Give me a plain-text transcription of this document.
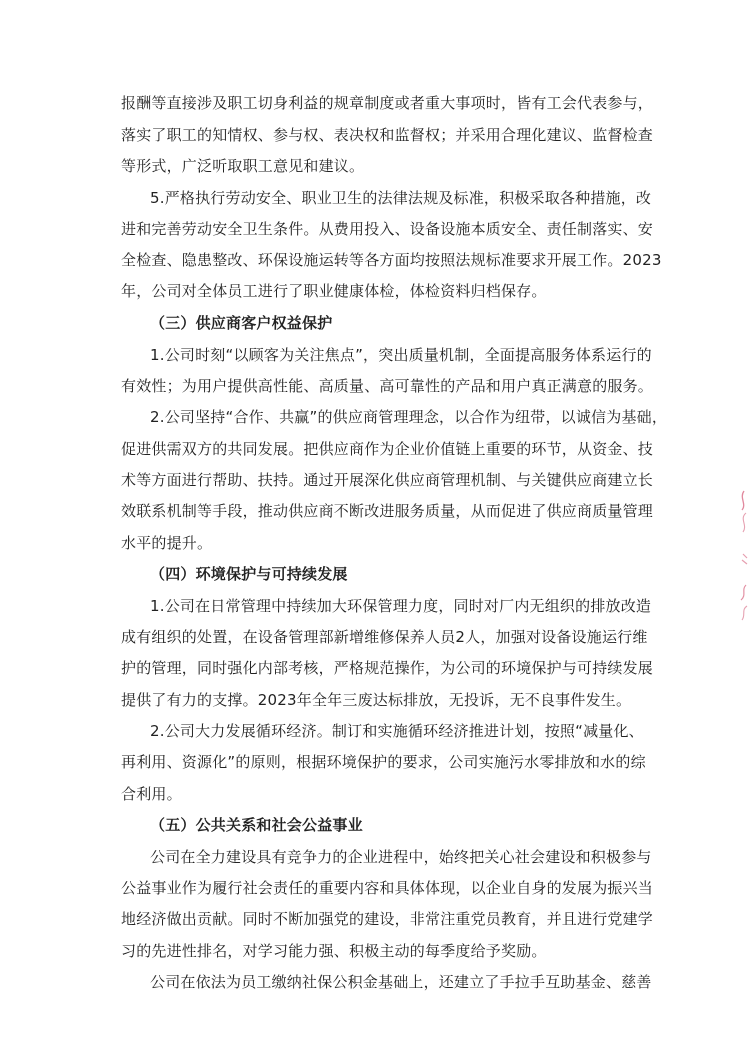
报酬等直接涉及职工切身利益的规章制度或者重大事项时，皆有工会代表参与，
落实了职工的知情权、参与权、表决权和监督权；并采用合理化建议、监督检查
等形式，广泛听取职工意见和建议。
5.严格执行劳动安全、职业卫生的法律法规及标准，积极采取各种措施，改
进和完善劳动安全卫生条件。从费用投入、设备设施本质安全、责任制落实、安
全检查、隐患整改、环保设施运转等各方面均按照法规标准要求开展工作。2023
年，公司对全体员工进行了职业健康体检，体检资料归档保存。
（三）供应商客户权益保护
1.公司时刻“以顾客为关注焦点”，突出质量机制，全面提高服务体系运行的
有效性；为用户提供高性能、高质量、高可靠性的产品和用户真正满意的服务。
2.公司坚持“合作、共赢”的供应商管理理念，以合作为纽带，以诚信为基础，
促进供需双方的共同发展。把供应商作为企业价值链上重要的环节，从资金、技
术等方面进行帮助、扶持。通过开展深化供应商管理机制、与关键供应商建立长
效联系机制等手段，推动供应商不断改进服务质量，从而促进了供应商质量管理
水平的提升。
（四）环境保护与可持续发展
1.公司在日常管理中持续加大环保管理力度，同时对厂内无组织的排放改造
成有组织的处置，在设备管理部新增维修保养人员2人，加强对设备设施运行维
护的管理，同时强化内部考核，严格规范操作，为公司的环境保护与可持续发展
提供了有力的支撑。2023年全年三废达标排放，无投诉，无不良事件发生。
2.公司大力发展循环经济。制订和实施循环经济推进计划，按照“减量化、
再利用、资源化”的原则，根据环境保护的要求，公司实施污水零排放和水的综
合利用。
（五）公共关系和社会公益事业
公司在全力建设具有竞争力的企业进程中，始终把关心社会建设和积极参与
公益事业作为履行社会责任的重要内容和具体体现，以企业自身的发展为振兴当
地经济做出贡献。同时不断加强党的建设，非常注重党员教育，并且进行党建学
习的先进性排名，对学习能力强、积极主动的每季度给予奖励。
公司在依法为员工缴纳社保公积金基础上，还建立了手拉手互助基金、慈善
